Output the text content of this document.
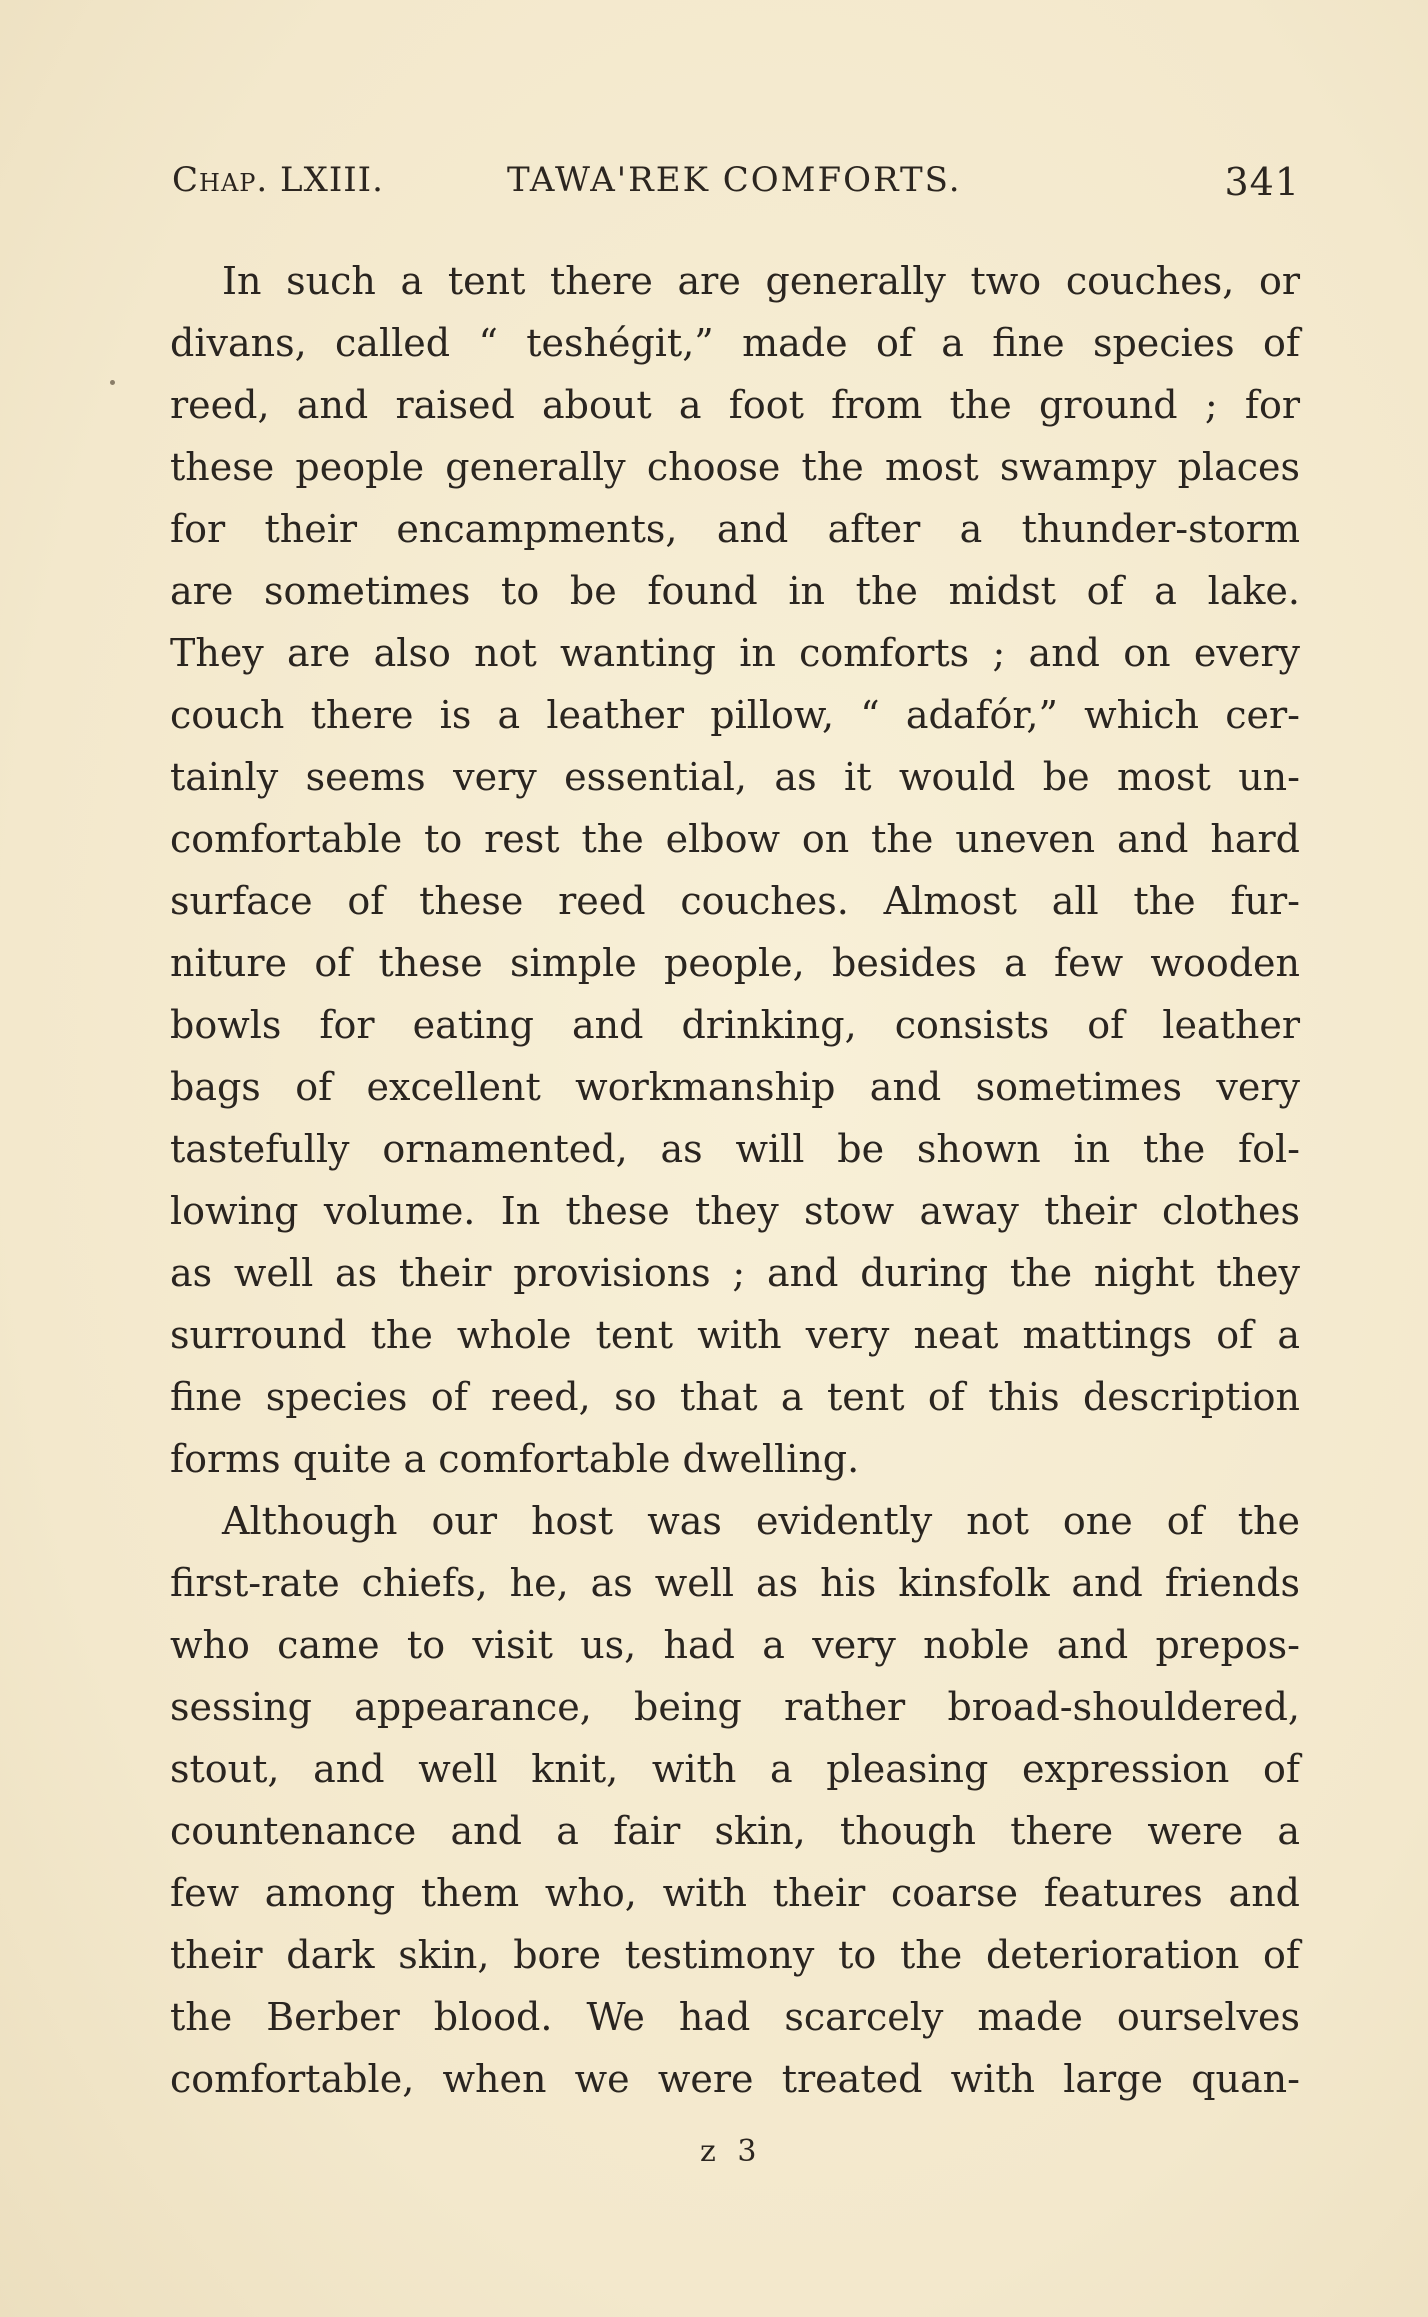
Chap. LXIII.	TAWA'REK COMFORTS.	341
In such a tent there are generally two couches, or
divans, called “ teshégit,” made of a fine species of
reed, and raised about a foot from the ground ; for
these people generally choose the most swampy places
for their encampments, and after a thunder-storm
are sometimes to be found in the midst of a lake.
They are also not wanting in comforts ; and on every
couch there is a leather pillow, “ adafór,” which cer-
tainly seems very essential, as it would be most un-
comfortable to rest the elbow on the uneven and hard
surface of these reed couches. Almost all the fur-
niture of these simple people, besides a few wooden
bowls for eating and drinking, consists of leather
bags of excellent workmanship and sometimes very
tastefully ornamented, as will be shown in the fol-
lowing volume. In these they stow away their clothes
as well as their provisions ; and during the night they
surround the whole tent with very neat mattings of a
fine species of reed, so that a tent of this description
forms quite a comfortable dwelling.
Although our host was evidently not one of the
first-rate chiefs, he, as well as his kinsfolk and friends
who came to visit us, had a very noble and prepos-
sessing appearance, being rather broad-shouldered,
stout, and well knit, with a pleasing expression of
countenance and a fair skin, though there were a
few among them who, with their coarse features and
their dark skin, bore testimony to the deterioration of
the Berber blood. We had scarcely made ourselves
comfortable, when we were treated with large quan-
z 3
